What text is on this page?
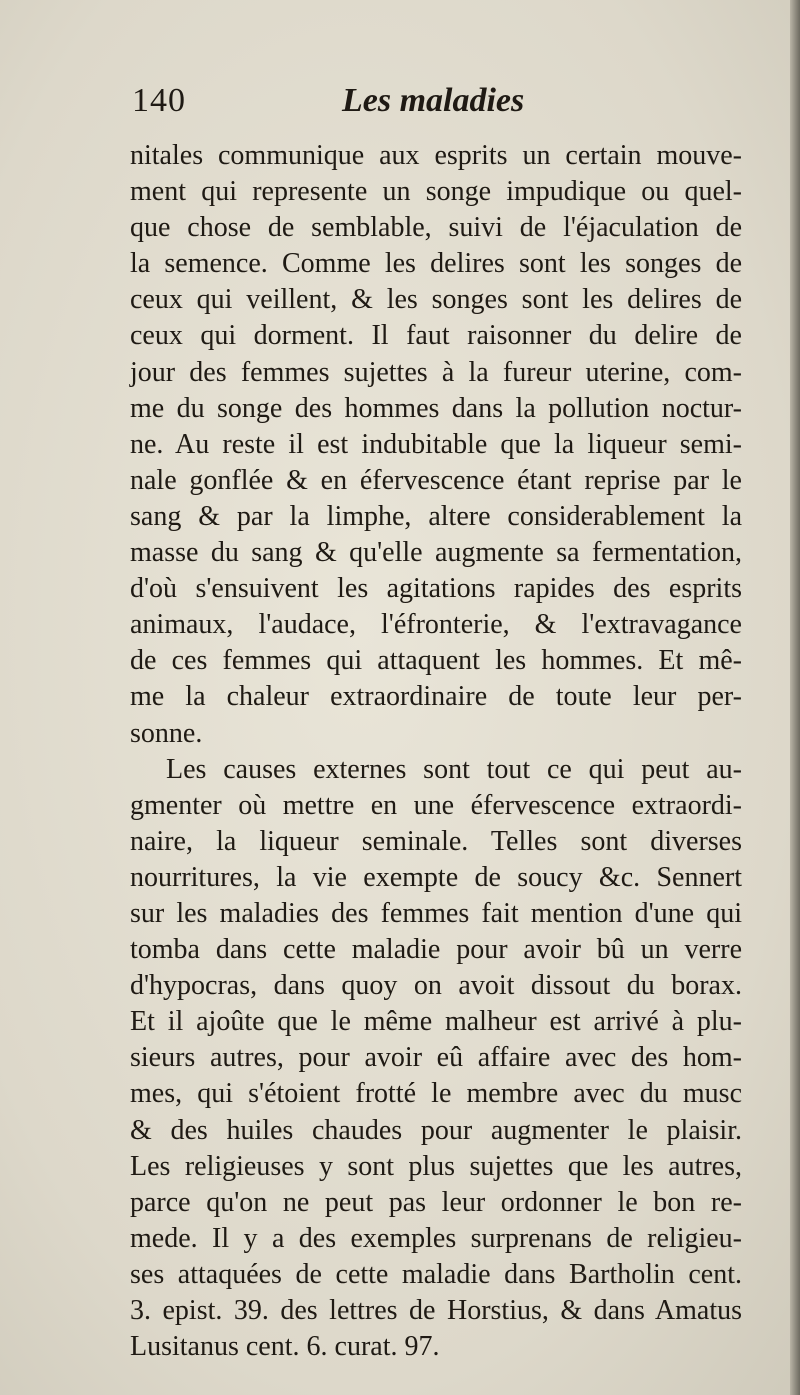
140	Les maladies
nitales communique aux esprits un certain mouve-
ment qui represente un songe impudique ou quel-
que chose de semblable, suivi de l'éjaculation de
la semence. Comme les delires sont les songes de
ceux qui veillent, & les songes sont les delires de
ceux qui dorment. Il faut raisonner du delire de
jour des femmes sujettes à la fureur uterine, com-
me du songe des hommes dans la pollution noctur-
ne. Au reste il est indubitable que la liqueur semi-
nale gonflée & en éfervescence étant reprise par le
sang & par la limphe, altere considerablement la
masse du sang & qu'elle augmente sa fermentation,
d'où s'ensuivent les agitations rapides des esprits
animaux, l'audace, l'éfronterie, & l'extravagance
de ces femmes qui attaquent les hommes. Et mê-
me la chaleur extraordinaire de toute leur per-
sonne.
Les causes externes sont tout ce qui peut au-
gmenter où mettre en une éfervescence extraordi-
naire, la liqueur seminale. Telles sont diverses
nourritures, la vie exempte de soucy &c. Sennert
sur les maladies des femmes fait mention d'une qui
tomba dans cette maladie pour avoir bû un verre
d'hypocras, dans quoy on avoit dissout du borax.
Et il ajoûte que le même malheur est arrivé à plu-
sieurs autres, pour avoir eû affaire avec des hom-
mes, qui s'étoient frotté le membre avec du musc
& des huiles chaudes pour augmenter le plaisir.
Les religieuses y sont plus sujettes que les autres,
parce qu'on ne peut pas leur ordonner le bon re-
mede. Il y a des exemples surprenans de religieu-
ses attaquées de cette maladie dans Bartholin cent.
3. epist. 39. des lettres de Horstius, & dans Amatus
Lusitanus cent. 6. curat. 97.
